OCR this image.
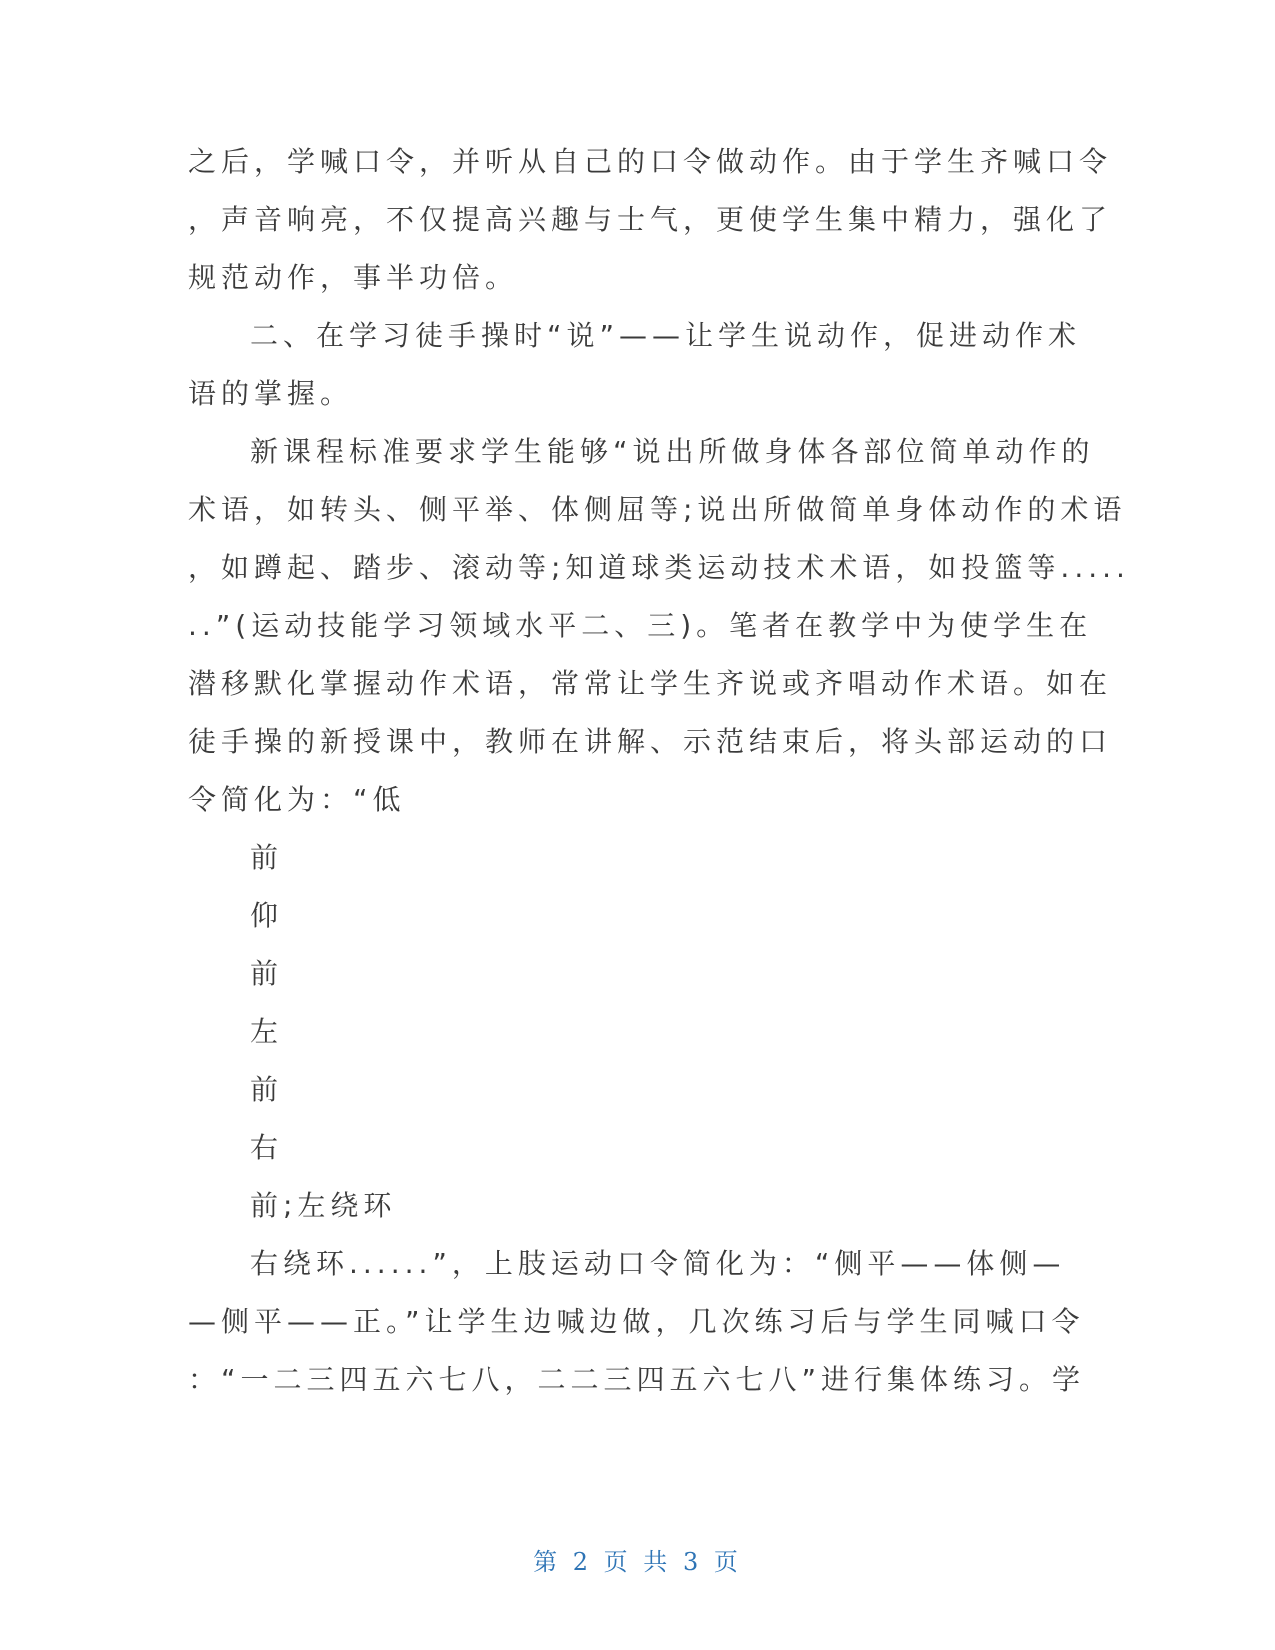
之后，学喊口令，并听从自己的口令做动作。由于学生齐喊口令
，声音响亮，不仅提高兴趣与士气，更使学生集中精力，强化了
规范动作，事半功倍。
二、在学习徒手操时“说”——让学生说动作，促进动作术
语的掌握。
新课程标准要求学生能够“说出所做身体各部位简单动作的
术语，如转头、侧平举、体侧屈等;说出所做简单身体动作的术语
，如蹲起、踏步、滚动等;知道球类运动技术术语，如投篮等.....
..”(运动技能学习领域水平二、三)。笔者在教学中为使学生在
潜移默化掌握动作术语，常常让学生齐说或齐唱动作术语。如在
徒手操的新授课中，教师在讲解、示范结束后，将头部运动的口
令简化为：“低
前
仰
前
左
前
右
前;左绕环
右绕环......”，上肢运动口令简化为：“侧平——体侧—
—侧平——正。”让学生边喊边做，几次练习后与学生同喊口令
：“一二三四五六七八，二二三四五六七八”进行集体练习。学
第 2 页 共 3 页
